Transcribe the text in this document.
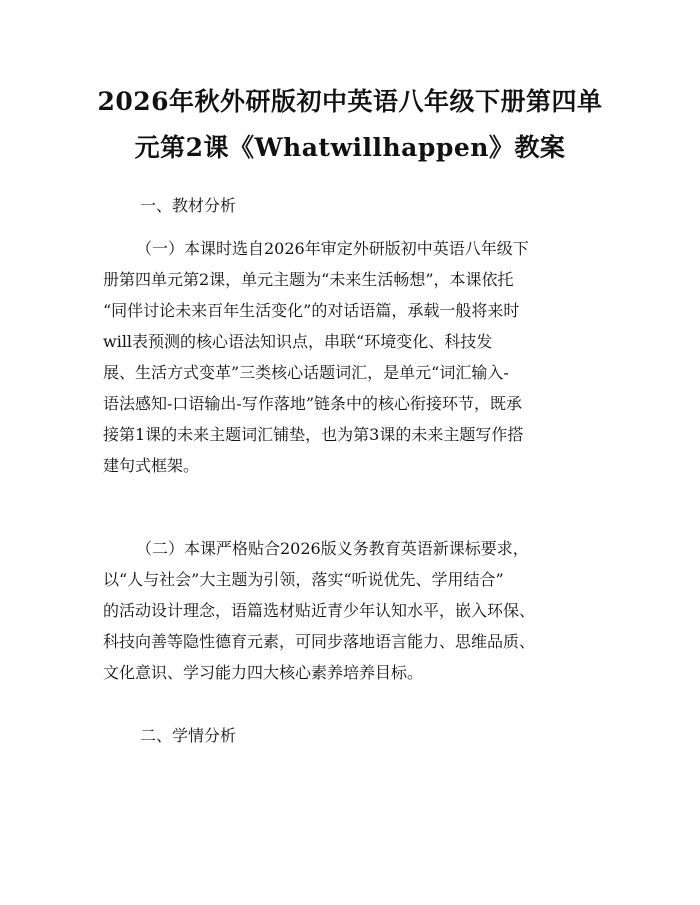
2026年秋外研版初中英语八年级下册第四单
元第2课《Whatwillhappen》教案

一、教材分析

（一）本课时选自2026年审定外研版初中英语八年级下
册第四单元第2课，单元主题为“未来生活畅想”，本课依托
“同伴讨论未来百年生活变化”的对话语篇，承载一般将来时
will表预测的核心语法知识点，串联“环境变化、科技发
展、生活方式变革”三类核心话题词汇，是单元“词汇输入-
语法感知-口语输出-写作落地”链条中的核心衔接环节，既承
接第1课的未来主题词汇铺垫，也为第3课的未来主题写作搭
建句式框架。
（二）本课严格贴合2026版义务教育英语新课标要求，
以“人与社会”大主题为引领，落实“听说优先、学用结合”
的活动设计理念，语篇选材贴近青少年认知水平，嵌入环保、
科技向善等隐性德育元素，可同步落地语言能力、思维品质、
文化意识、学习能力四大核心素养培养目标。

二、学情分析
